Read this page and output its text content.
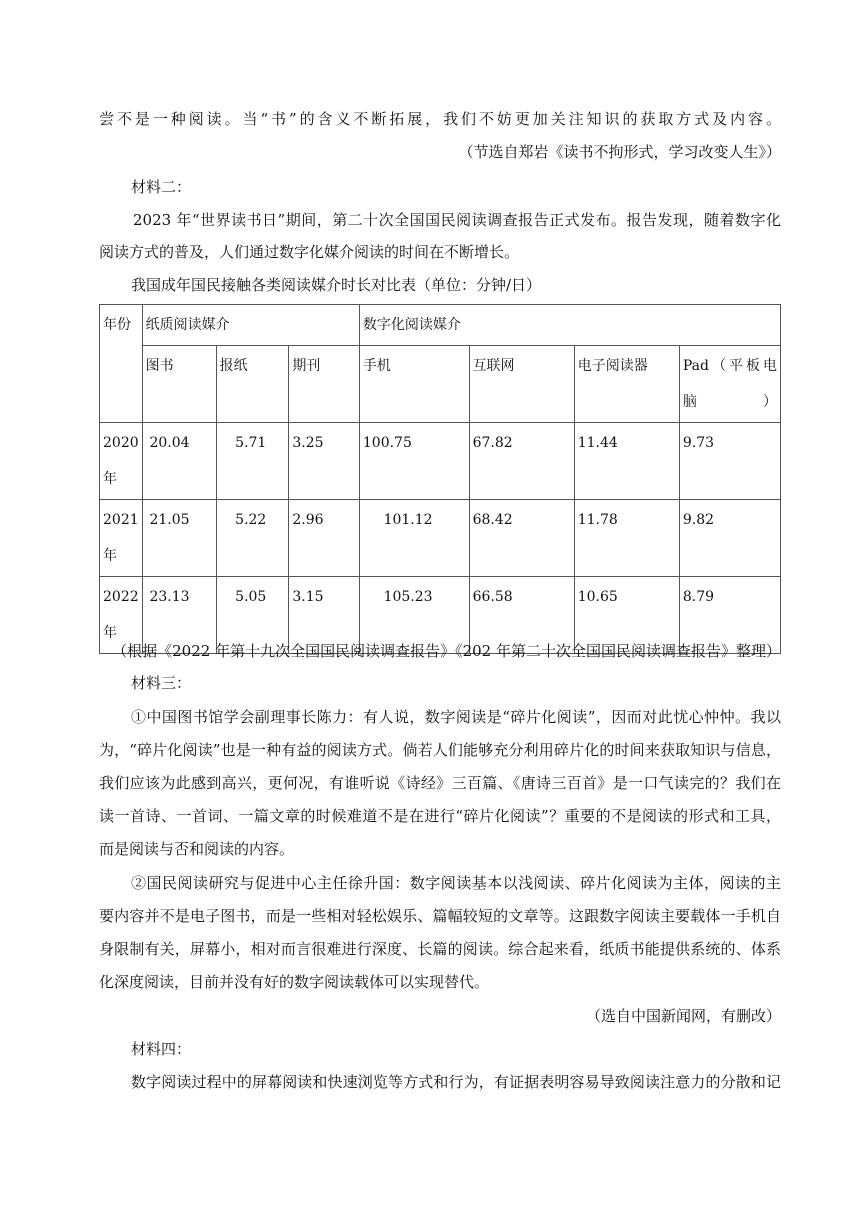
尝不是一种阅读。当“书”的含义不断拓展，我们不妨更加关注知识的获取方式及内容。
（节选自郑岩《读书不拘形式，学习改变人生》）
材料二：
2023 年“世界读书日”期间，第二十次全国国民阅读调查报告正式发布。报告发现，随着数字化
阅读方式的普及，人们通过数字化媒介阅读的时间在不断增长。
我国成年国民接触各类阅读媒介时长对比表（单位：分钟/日）
年份	纸质阅读媒介			数字化阅读媒介			
	图书	报纸	期刊	手机	互联网	电子阅读器	Pad（平板电脑）
2020年	20.04	5.71	3.25	100.75	67.82	11.44	9.73
2021年	21.05	5.22	2.96	101.12	68.42	11.78	9.82
2022年	23.13	5.05	3.15	105.23	66.58	10.65	8.79
（根据《2022 年第十九次全国国民阅读调查报告》《202 年第二十次全国国民阅读调查报告》整理）
材料三：
①中国图书馆学会副理事长陈力：有人说，数字阅读是“碎片化阅读”，因而对此忧心忡忡。我以
为，“碎片化阅读”也是一种有益的阅读方式。倘若人们能够充分利用碎片化的时间来获取知识与信息，
我们应该为此感到高兴，更何况，有谁听说《诗经》三百篇、《唐诗三百首》是一口气读完的？我们在
读一首诗、一首词、一篇文章的时候难道不是在进行“碎片化阅读”？重要的不是阅读的形式和工具，
而是阅读与否和阅读的内容。
②国民阅读研究与促进中心主任徐升国：数字阅读基本以浅阅读、碎片化阅读为主体，阅读的主
要内容并不是电子图书，而是一些相对轻松娱乐、篇幅较短的文章等。这跟数字阅读主要载体一手机自
身限制有关，屏幕小，相对而言很难进行深度、长篇的阅读。综合起来看，纸质书能提供系统的、体系
化深度阅读，目前并没有好的数字阅读载体可以实现替代。
（选自中国新闻网，有删改）
材料四：
数字阅读过程中的屏幕阅读和快速浏览等方式和行为，有证据表明容易导致阅读注意力的分散和记
